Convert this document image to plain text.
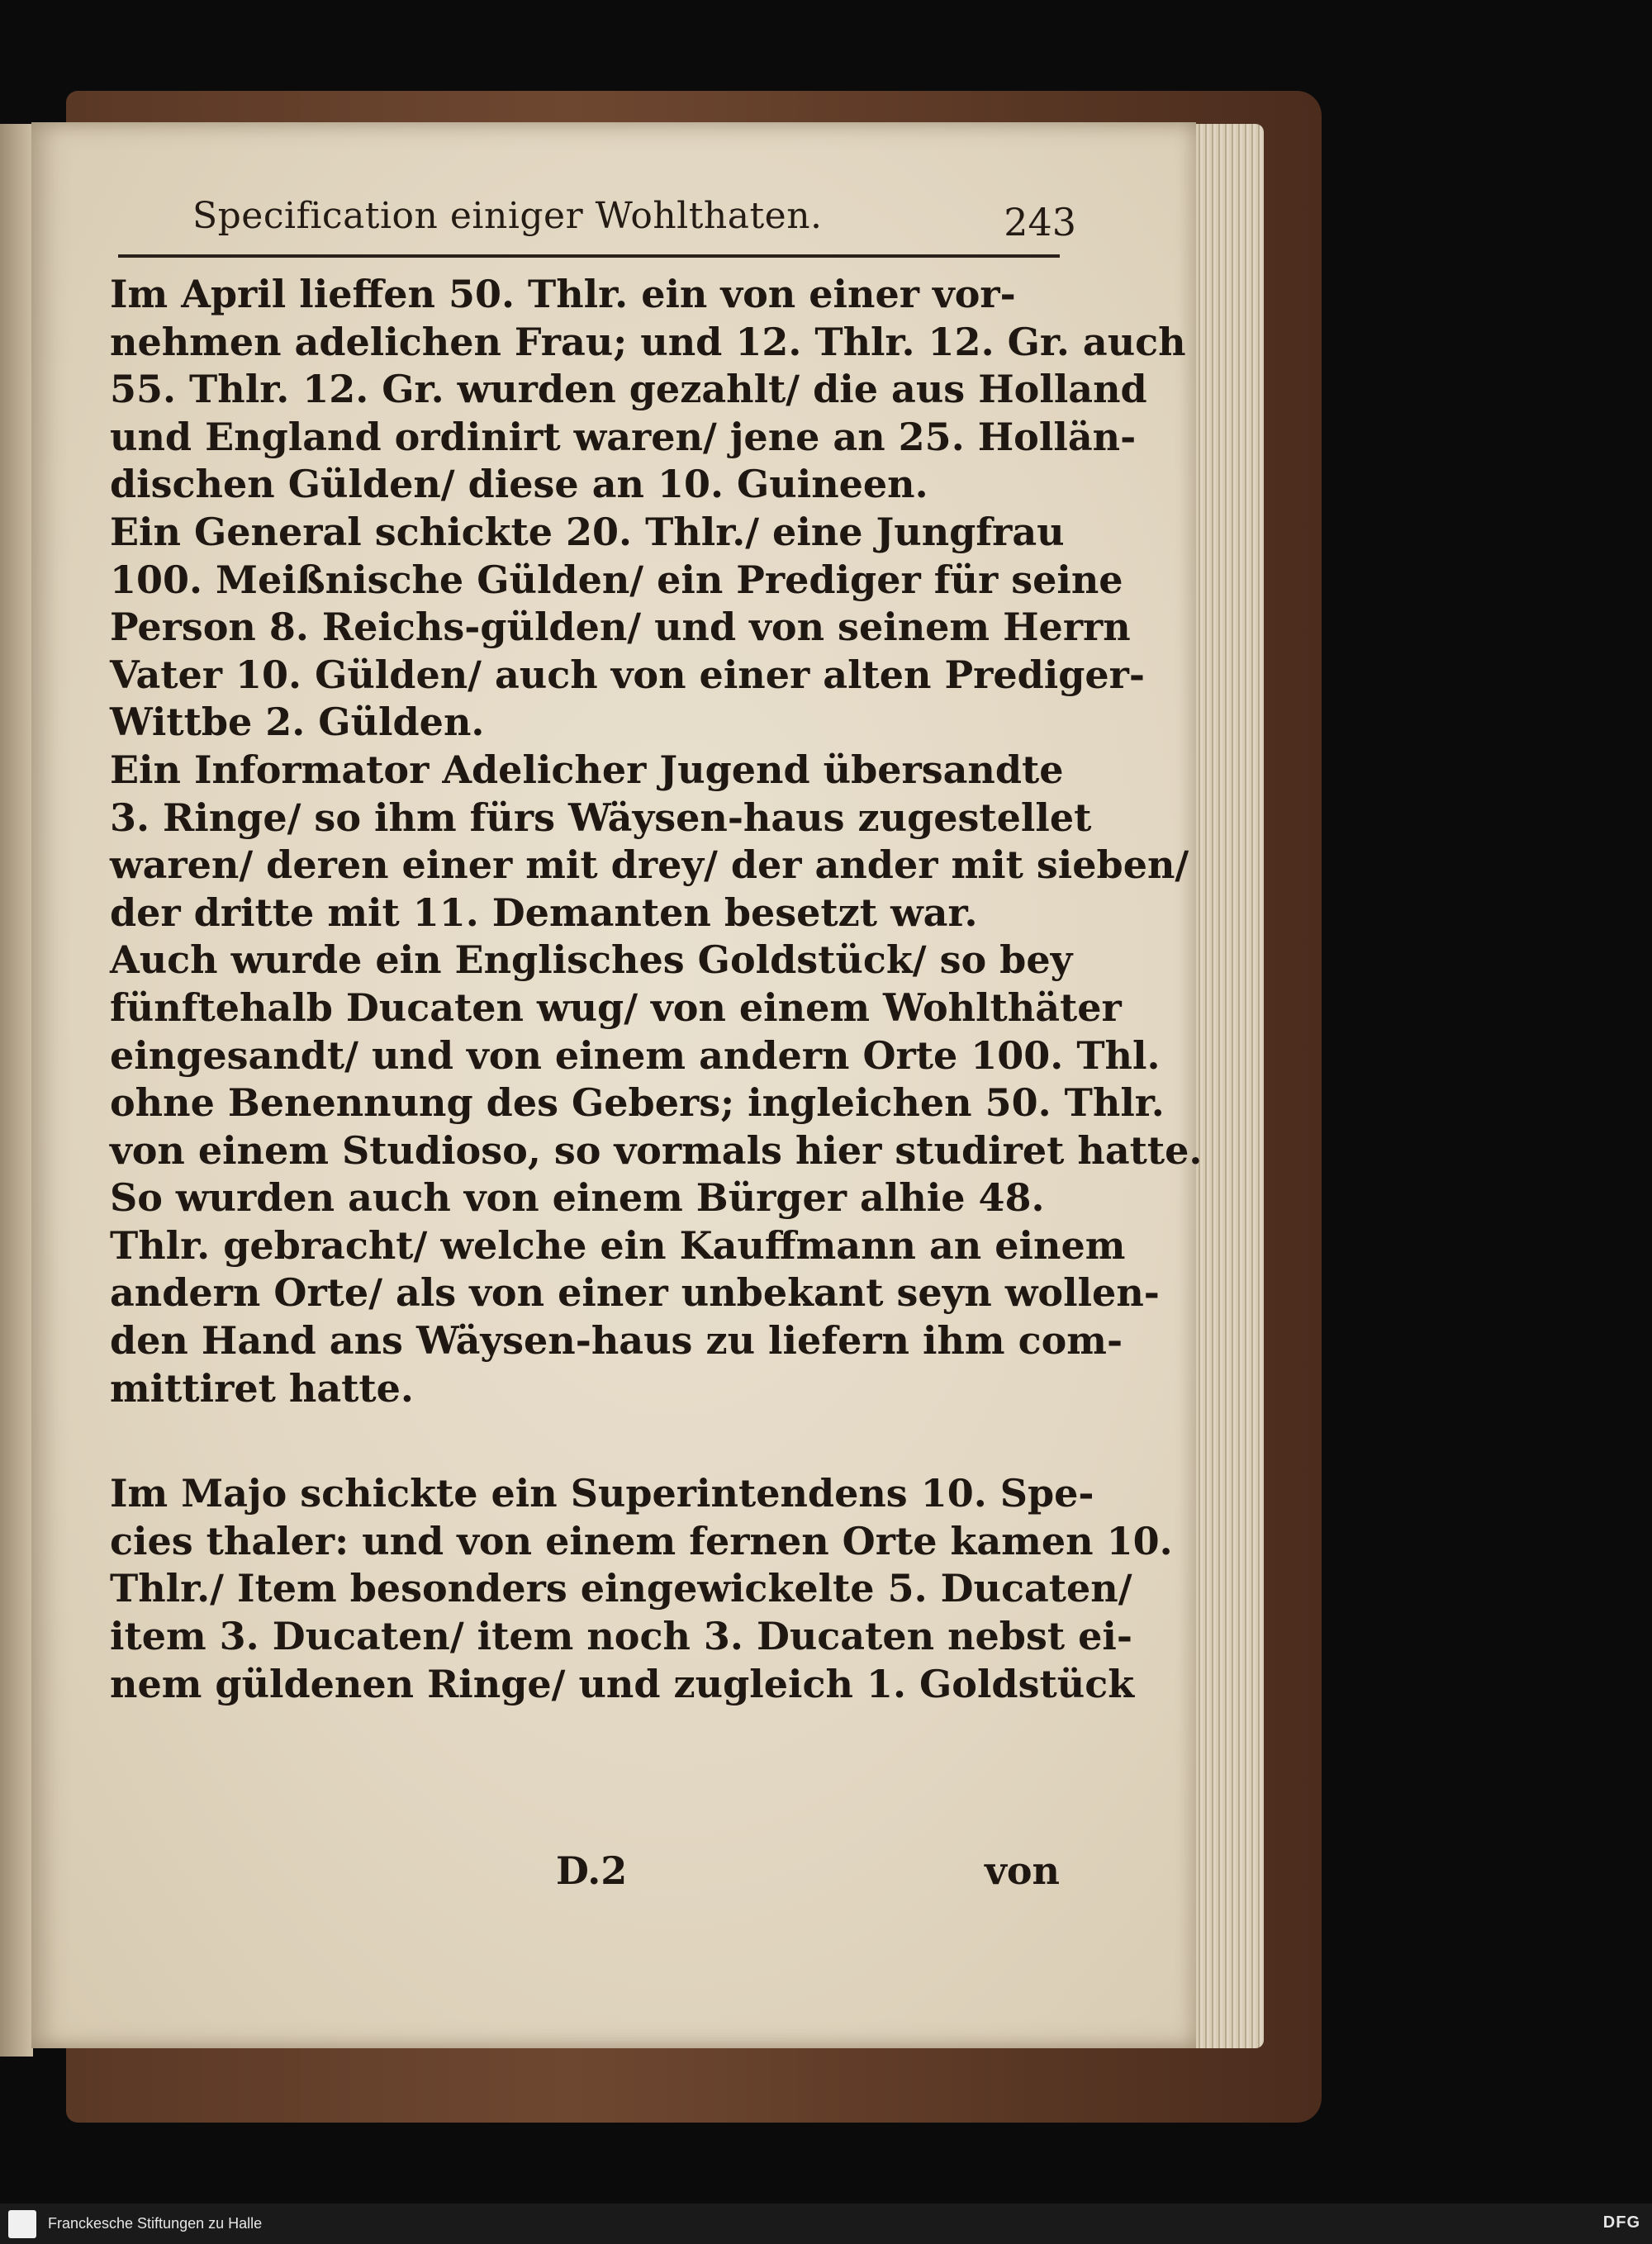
Specification einiger Wohlthaten.	243
Im April lieffen 50. Thlr. ein von einer vor-
nehmen adelichen Frau; und 12. Thlr. 12. Gr. auch
55. Thlr. 12. Gr. wurden gezahlt/ die aus Holland
und England ordinirt waren/ jene an 25. Hollän-
dischen Gülden/ diese an 10. Guineen.
Ein General schickte 20. Thlr./ eine Jungfrau
100. Meißnische Gülden/ ein Prediger für seine
Person 8. Reichs-gülden/ und von seinem Herrn
Vater 10. Gülden/ auch von einer alten Prediger-
Wittbe 2. Gülden.
Ein Informator Adelicher Jugend übersandte
3. Ringe/ so ihm fürs Wäysen-haus zugestellet
waren/ deren einer mit drey/ der ander mit sieben/
der dritte mit 11. Demanten besetzt war.
Auch wurde ein Englisches Goldstück/ so bey
fünftehalb Ducaten wug/ von einem Wohlthäter
eingesandt/ und von einem andern Orte 100. Thl.
ohne Benennung des Gebers; ingleichen 50. Thlr.
von einem Studioso, so vormals hier studiret hatte.
So wurden auch von einem Bürger alhie 48.
Thlr. gebracht/ welche ein Kauffmann an einem
andern Orte/ als von einer unbekant seyn wollen-
den Hand ans Wäysen-haus zu liefern ihm com-
mittiret hatte.
Im Majo schickte ein Superintendens 10. Spe-
cies thaler: und von einem fernen Orte kamen 10.
Thlr./ Item besonders eingewickelte 5. Ducaten/
item 3. Ducaten/ item noch 3. Ducaten nebst ei-
nem güldenen Ringe/ und zugleich 1. Goldstück
D.2	von
Franckesche Stiftungen zu Halle	DFG
